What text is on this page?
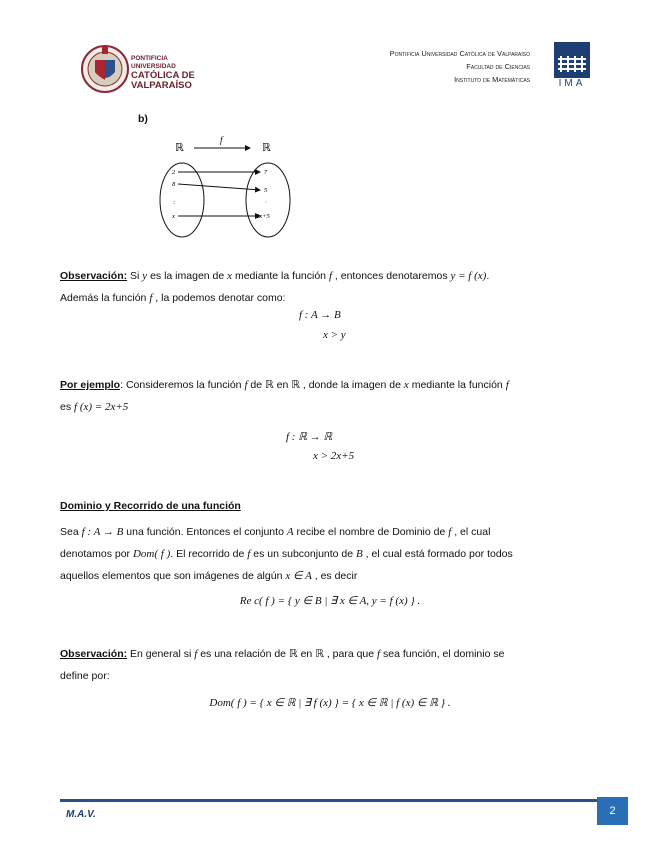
PONTIFICIA
UNIVERSIDAD
CATÓLICA DE
VALPARAÍSO
Pontificia Universidad Católica de Valparaíso
Facultad de Ciencias
Instituto de Matemáticas	IMA
b)
ℝ	ℝ
f
2
8
:
x
7
5
·
2x+5
Observación: Si y es la imagen de x mediante la función f , entonces denotaremos y = f (x).
Además la función f , la podemos denotar como:
f : A → B
x > y
Por ejemplo: Consideremos la función f de ℝ en ℝ , donde la imagen de x mediante la función f
es f (x) = 2x+5
f : ℝ → ℝ
x > 2x+5
Dominio y Recorrido de una función
Sea f : A → B una función. Entonces el conjunto A recibe el nombre de Dominio de f , el cual
denotamos por Dom( f ). El recorrido de f es un subconjunto de B , el cual está formado por todos
aquellos elementos que son imágenes de algún x ∈ A , es decir
Re c( f ) = { y ∈ B | ∃ x ∈ A, y = f (x) } .
Observación: En general si f es una relación de ℝ en ℝ , para que f sea función, el dominio se
define por:
Dom( f ) = { x ∈ ℝ | ∃ f (x) } = { x ∈ ℝ | f (x) ∈ ℝ } .
M.A.V.	2
